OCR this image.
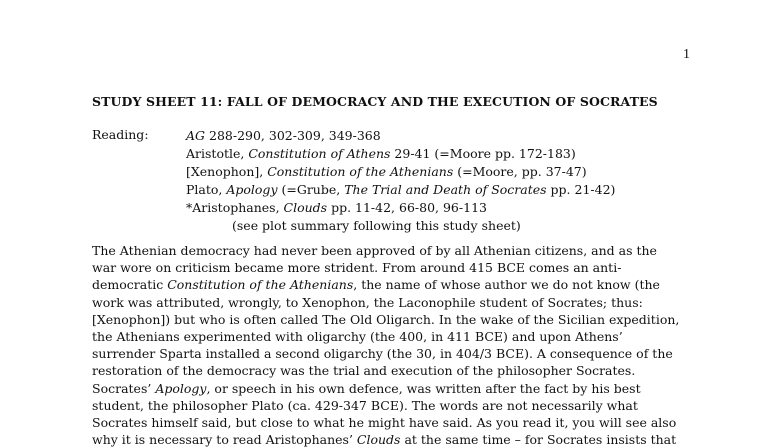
1
STUDY SHEET 11: FALL OF DEMOCRACY AND THE EXECUTION OF SOCRATES
Reading:	AG 288-290, 302-309, 349-368
Aristotle, Constitution of Athens 29-41 (=Moore pp. 172-183)
[Xenophon], Constitution of the Athenians (=Moore, pp. 37-47)
Plato, Apology (=Grube, The Trial and Death of Socrates pp. 21-42)
*Aristophanes, Clouds pp. 11-42, 66-80, 96-113
(see plot summary following this study sheet)
The Athenian democracy had never been approved of by all Athenian citizens, and as the
war wore on criticism became more strident. From around 415 BCE comes an anti-
democratic Constitution of the Athenians, the name of whose author we do not know (the
work was attributed, wrongly, to Xenophon, the Laconophile student of Socrates; thus:
[Xenophon]) but who is often called The Old Oligarch. In the wake of the Sicilian expedition,
the Athenians experimented with oligarchy (the 400, in 411 BCE) and upon Athens’
surrender Sparta installed a second oligarchy (the 30, in 404/3 BCE). A consequence of the
restoration of the democracy was the trial and execution of the philosopher Socrates.
Socrates’ Apology, or speech in his own defence, was written after the fact by his best
student, the philosopher Plato (ca. 429-347 BCE). The words are not necessarily what
Socrates himself said, but close to what he might have said. As you read it, you will see also
why it is necessary to read Aristophanes’ Clouds at the same time – for Socrates insists that
